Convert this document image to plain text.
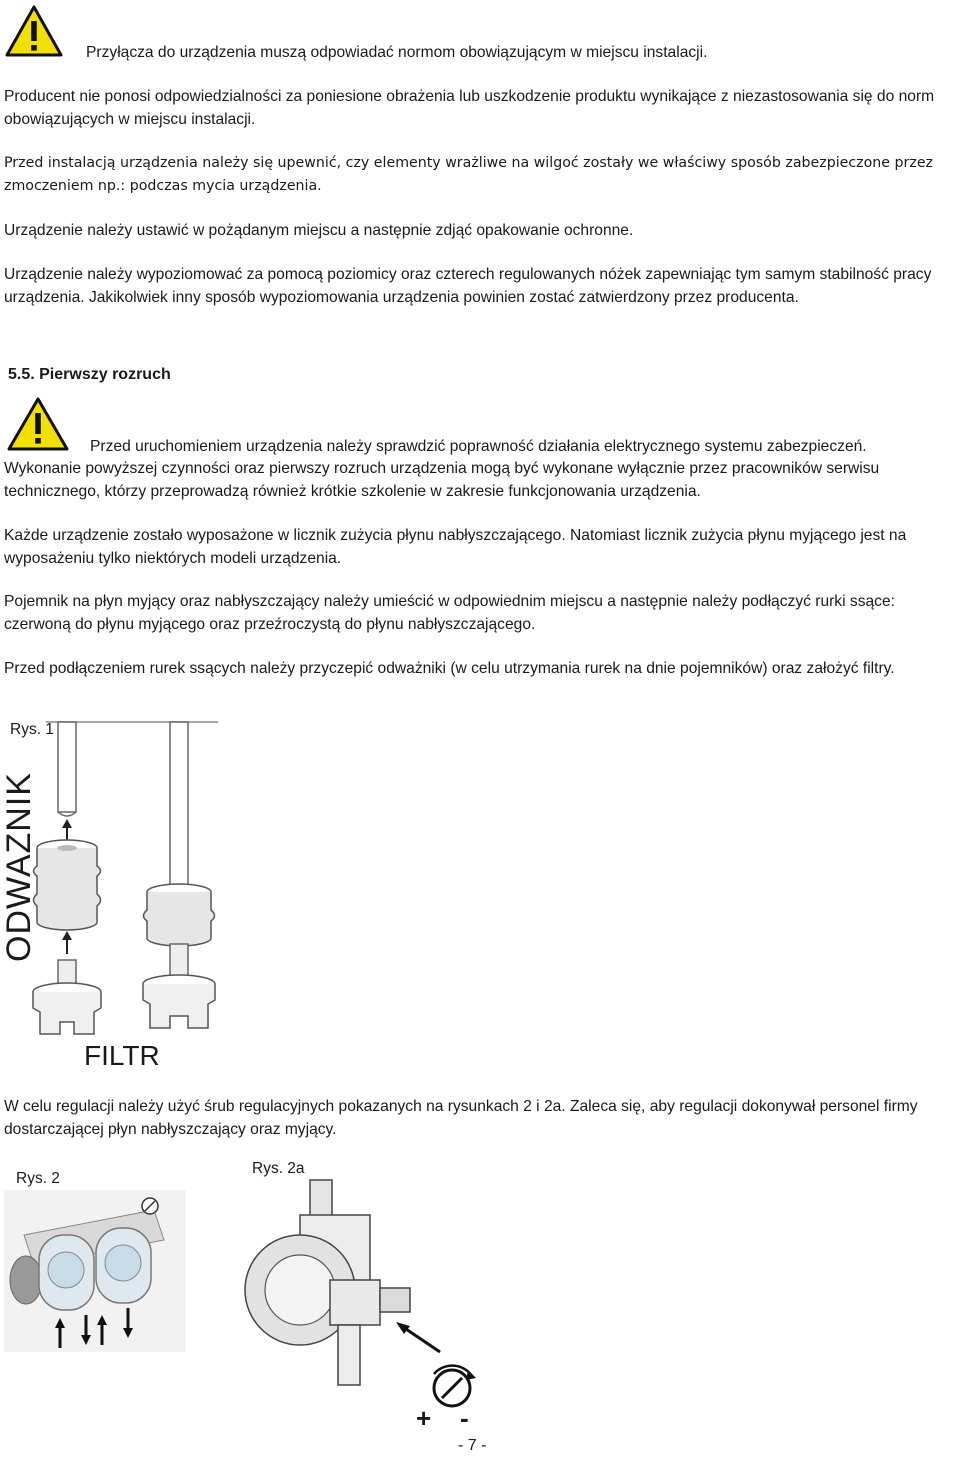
Przyłącza do urządzenia muszą odpowiadać normom obowiązującym w miejscu instalacji.

Producent nie ponosi odpowiedzialności za poniesione obrażenia lub uszkodzenie produktu wynikające z niezastosowania się do norm obowiązujących w miejscu instalacji.

Przed instalacją urządzenia należy się upewnić, czy elementy wrażliwe na wilgoć zostały we właściwy sposób zabezpieczone przez zmoczeniem np.: podczas mycia urządzenia.

Urządzenie należy ustawić w pożądanym miejscu a następnie zdjąć opakowanie ochronne.

Urządzenie należy wypoziomować za pomocą poziomicy oraz czterech regulowanych nóżek zapewniając tym samym stabilność pracy urządzenia. Jakikolwiek inny sposób wypoziomowania urządzenia powinien zostać zatwierdzony przez producenta.

5.5. Pierwszy rozruch

Przed uruchomieniem urządzenia należy sprawdzić poprawność działania elektrycznego systemu zabezpieczeń.

Wykonanie powyższej czynności oraz pierwszy rozruch urządzenia mogą być wykonane wyłącznie przez pracowników serwisu technicznego, którzy przeprowadzą również krótkie szkolenie w zakresie funkcjonowania urządzenia.

Każde urządzenie zostało wyposażone w licznik zużycia płynu nabłyszczającego. Natomiast licznik zużycia płynu myjącego jest na wyposażeniu tylko niektórych modeli urządzenia.

Pojemnik na płyn myjący oraz nabłyszczający należy umieścić w odpowiednim miejscu a następnie należy podłączyć rurki ssące: czerwoną do płynu myjącego oraz przeźroczystą do płynu nabłyszczającego.

Przed podłączeniem rurek ssących należy przyczepić odważniki (w celu utrzymania rurek na dnie pojemników) oraz założyć filtry.

Rys. 1
ODWAZNIK
FILTR

W celu regulacji należy użyć śrub regulacyjnych pokazanych na rysunkach 2 i 2a. Zaleca się, aby regulacji dokonywał personel firmy dostarczającej płyn nabłyszczający oraz myjący.

Rys. 2
Rys. 2a
+ -
- 7 -
